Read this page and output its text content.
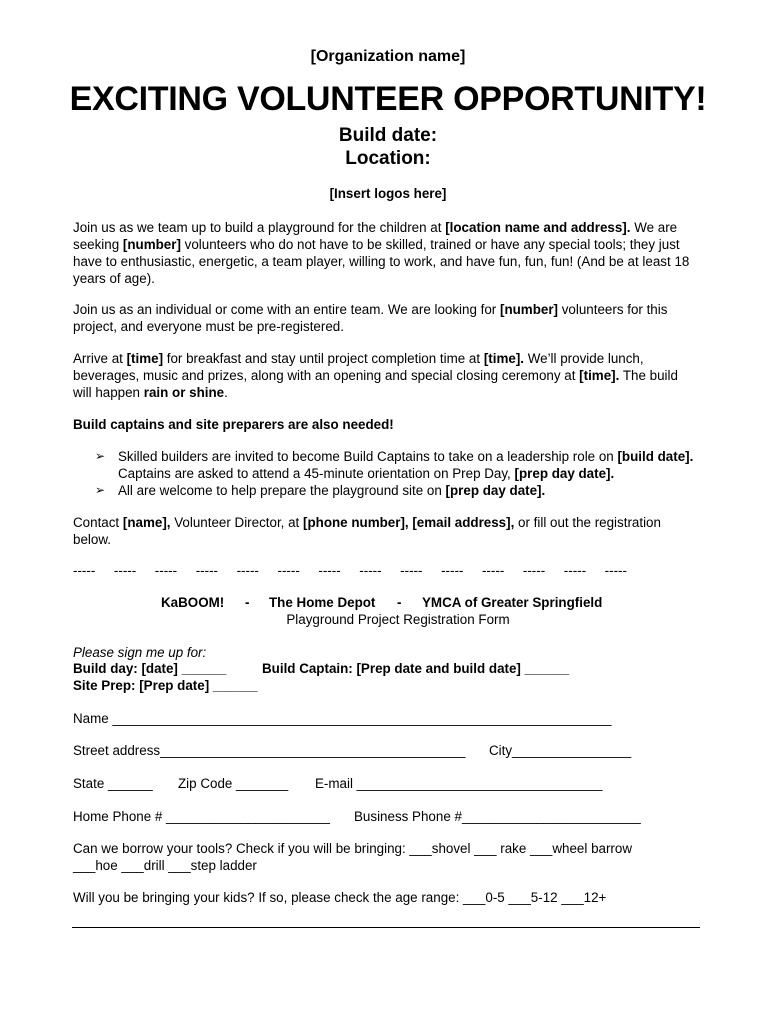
[Organization name]
EXCITING VOLUNTEER OPPORTUNITY!
Build date:
Location:
[Insert logos here]
Join us as we team up to build a playground for the children at [location name and address]. We are seeking [number] volunteers who do not have to be skilled, trained or have any special tools; they just have to enthusiastic, energetic, a team player, willing to work, and have fun, fun, fun! (And be at least 18 years of age).
Join us as an individual or come with an entire team. We are looking for [number] volunteers for this project, and everyone must be pre-registered.
Arrive at [time] for breakfast and stay until project completion time at [time]. We’ll provide lunch, beverages, music and prizes, along with an opening and special closing ceremony at [time]. The build will happen rain or shine.
Build captains and site preparers are also needed!
➢ Skilled builders are invited to become Build Captains to take on a leadership role on [build date]. Captains are asked to attend a 45-minute orientation on Prep Day, [prep day date].
➢ All are welcome to help prepare the playground site on [prep day date].
Contact [name], Volunteer Director, at [phone number], [email address], or fill out the registration below.
-----     -----     -----     -----     -----     -----     -----     -----     -----     -----     -----     -----     -----     -----
KaBOOM! - The Home Depot - YMCA of Greater Springfield
Playground Project Registration Form
Please sign me up for:
Build day: [date] ______	Build Captain: [Prep date and build date] ______
Site Prep: [Prep date] ______
Name ___________________________________________________________________
Street address_________________________________________ City________________
State ______ Zip Code _______ E-mail _________________________________
Home Phone # ______________________ Business Phone #________________________
Can we borrow your tools? Check if you will be bringing: ___shovel ___ rake ___wheel barrow
___hoe ___drill ___step ladder
Will you be bringing your kids? If so, please check the age range: ___0-5 ___5-12 ___12+
